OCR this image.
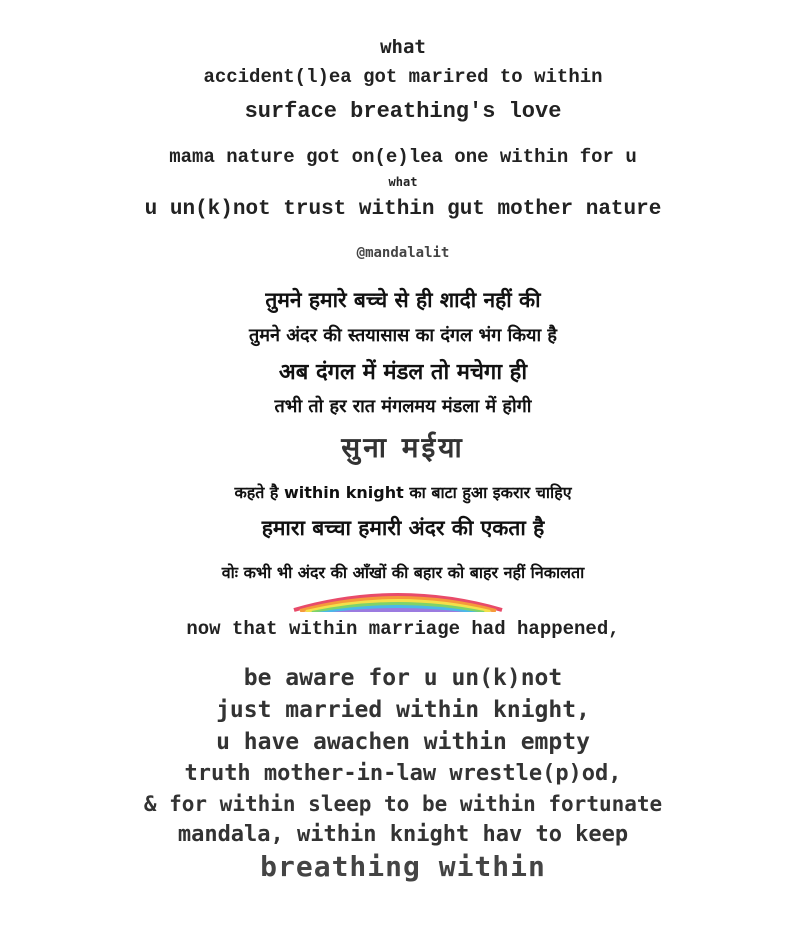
what
accident(l)ea got marired to within
surface breathing's love
mama nature got on(e)lea one within for u
what
u un(k)not trust within gut mother nature
@mandalalit
तुमने हमारे बच्चे से ही शादी नहीं की
तुमने अंदर की स्तयासास का दंगल भंग किया है
अब दंगल में मंडल तो मचेगा ही
तभी तो हर रात मंगलमय मंडला में होगी
सुना मईया
कहते है within knight का बाटा हुआ इकरार चाहिए
हमारा बच्चा हमारी अंदर की एकता है
वोः कभी भी अंदर की आँखों की बहार को बाहर नहीं निकालता
now that within marriage had happened,
be aware for u un(k)not
just married within knight,
u have awachen within empty
truth mother-in-law wrestle(p)od,
& for within sleep to be within fortunate
mandala, within knight hav to keep
breathing within
